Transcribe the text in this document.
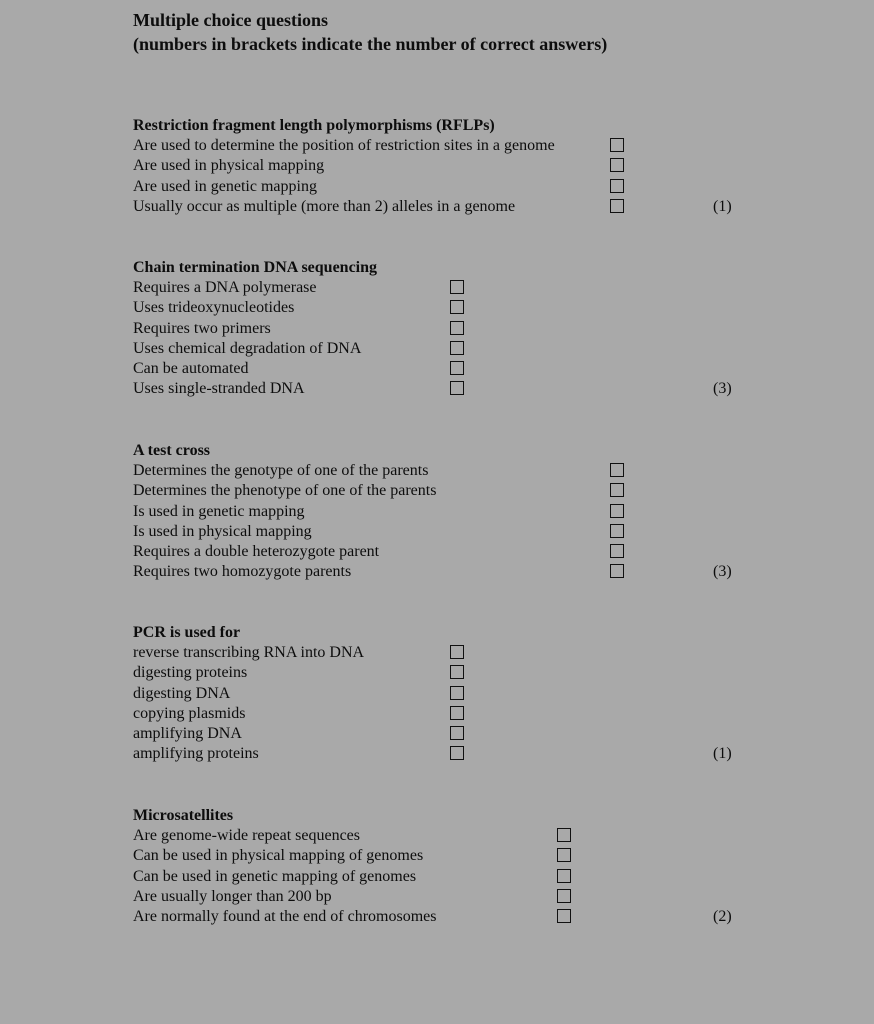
Multiple choice questions
(numbers in brackets indicate the number of correct answers)
Restriction fragment length polymorphisms (RFLPs)
Are used to determine the position of restriction sites in a genome
Are used in physical mapping
Are used in genetic mapping
Usually occur as multiple (more than 2) alleles in a genome	(1)
Chain termination DNA sequencing
Requires a DNA polymerase
Uses trideoxynucleotides
Requires two primers
Uses chemical degradation of DNA
Can be automated
Uses single-stranded DNA	(3)
A test cross
Determines the genotype of one of the parents
Determines the phenotype of one of the parents
Is used in genetic mapping
Is used in physical mapping
Requires a double heterozygote parent
Requires two homozygote parents	(3)
PCR is used for
reverse transcribing RNA into DNA
digesting proteins
digesting DNA
copying plasmids
amplifying DNA
amplifying proteins	(1)
Microsatellites
Are genome-wide repeat sequences
Can be used in physical mapping of genomes
Can be used in genetic mapping of genomes
Are usually longer than 200 bp
Are normally found at the end of chromosomes	(2)
